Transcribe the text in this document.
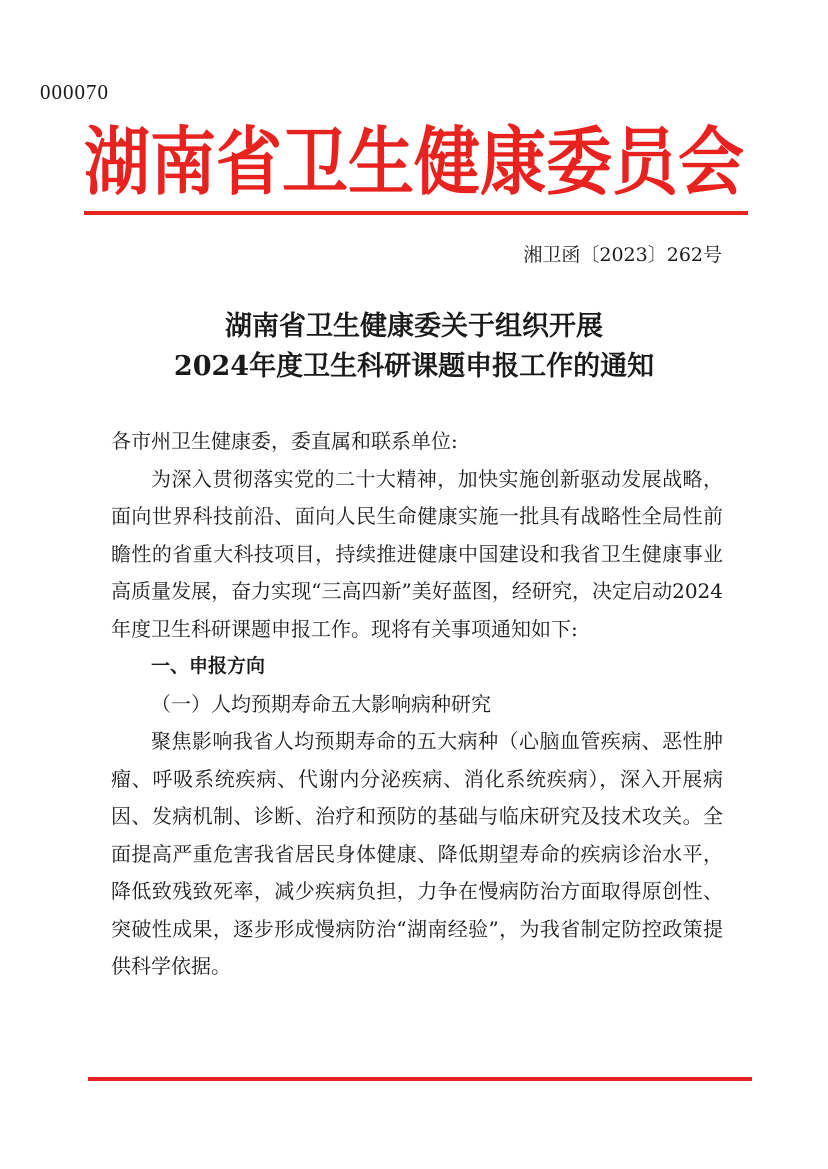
000070
湖南省卫生健康委员会
湘卫函〔2023〕262号
湖南省卫生健康委关于组织开展
2024年度卫生科研课题申报工作的通知

各市州卫生健康委，委直属和联系单位:

为深入贯彻落实党的二十大精神，加快实施创新驱动发展战略，面向世界科技前沿、面向人民生命健康实施一批具有战略性全局性前瞻性的省重大科技项目，持续推进健康中国建设和我省卫生健康事业高质量发展，奋力实现“三高四新”美好蓝图，经研究，决定启动2024年度卫生科研课题申报工作。现将有关事项通知如下:

一、申报方向

（一）人均预期寿命五大影响病种研究

聚焦影响我省人均预期寿命的五大病种（心脑血管疾病、恶性肿瘤、呼吸系统疾病、代谢内分泌疾病、消化系统疾病），深入开展病因、发病机制、诊断、治疗和预防的基础与临床研究及技术攻关。全面提高严重危害我省居民身体健康、降低期望寿命的疾病诊治水平，降低致残致死率，减少疾病负担，力争在慢病防治方面取得原创性、突破性成果，逐步形成慢病防治“湖南经验”，为我省制定防控政策提供科学依据。
